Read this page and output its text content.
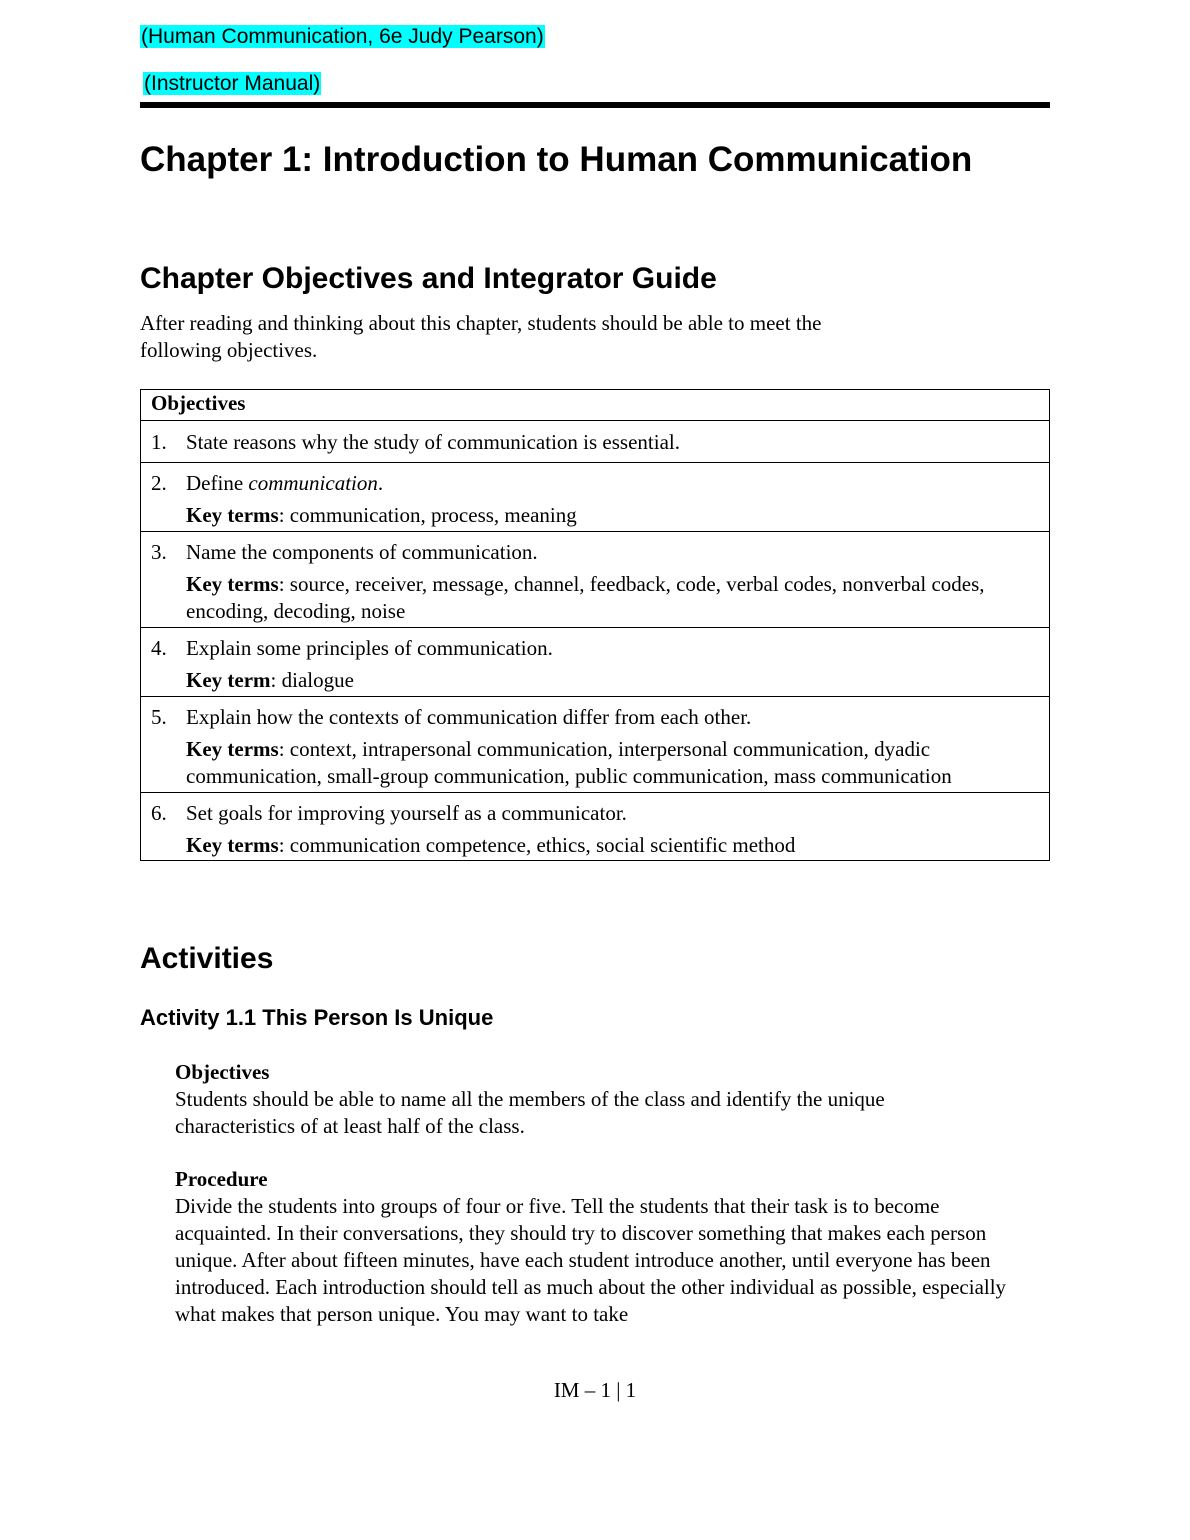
(Human Communication, 6e Judy Pearson)
(Instructor Manual)
Chapter 1: Introduction to Human Communication
Chapter Objectives and Integrator Guide
After reading and thinking about this chapter, students should be able to meet the
following objectives.
Objectives
1. State reasons why the study of communication is essential.

2. Define communication.
Key terms: communication, process, meaning

3. Name the components of communication.
Key terms: source, receiver, message, channel, feedback, code, verbal codes, nonverbal codes, encoding, decoding, noise

4. Explain some principles of communication.
Key term: dialogue

5. Explain how the contexts of communication differ from each other.
Key terms: context, intrapersonal communication, interpersonal communication, dyadic communication, small-group communication, public communication, mass communication

6. Set goals for improving yourself as a communicator.
Key terms: communication competence, ethics, social scientific method
Activities
Activity 1.1 This Person Is Unique
Objectives
Students should be able to name all the members of the class and identify the unique characteristics of at least half of the class.
Procedure
Divide the students into groups of four or five. Tell the students that their task is to become acquainted. In their conversations, they should try to discover something that makes each person unique. After about fifteen minutes, have each student introduce another, until everyone has been introduced. Each introduction should tell as much about the other individual as possible, especially what makes that person unique. You may want to take
IM – 1 | 1
